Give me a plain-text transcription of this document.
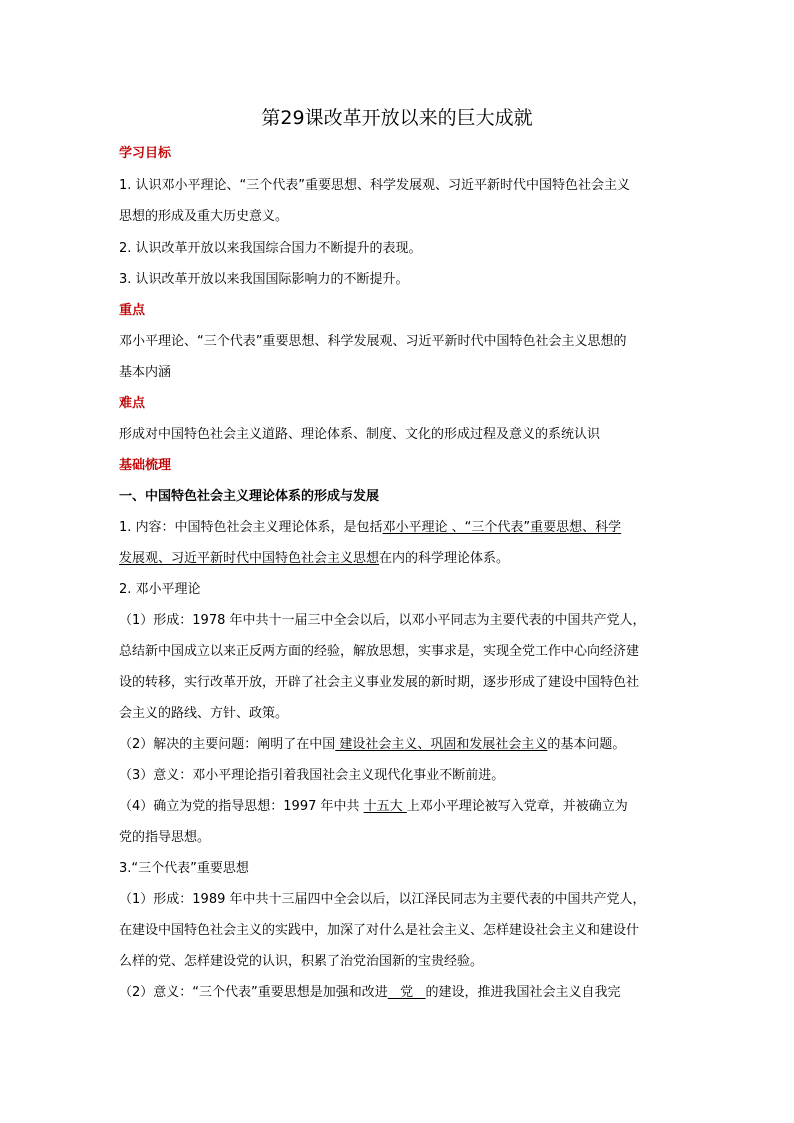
第29课改革开放以来的巨大成就
学习目标
1. 认识邓小平理论、“三个代表”重要思想、科学发展观、习近平新时代中国特色社会主义
思想的形成及重大历史意义。
2. 认识改革开放以来我国综合国力不断提升的表现。
3. 认识改革开放以来我国国际影响力的不断提升。
重点
邓小平理论、“三个代表”重要思想、科学发展观、习近平新时代中国特色社会主义思想的
基本内涵
难点
形成对中国特色社会主义道路、理论体系、制度、文化的形成过程及意义的系统认识
基础梳理
一、中国特色社会主义理论体系的形成与发展
1. 内容：中国特色社会主义理论体系，是包括邓小平理论 、“三个代表”重要思想、科学
发展观、习近平新时代中国特色社会主义思想在内的科学理论体系。
2. 邓小平理论
（1）形成：1978 年中共十一届三中全会以后，以邓小平同志为主要代表的中国共产党人，
总结新中国成立以来正反两方面的经验，解放思想，实事求是，实现全党工作中心向经济建
设的转移，实行改革开放，开辟了社会主义事业发展的新时期，逐步形成了建设中国特色社
会主义的路线、方针、政策。
（2）解决的主要问题：阐明了在中国 建设社会主义、巩固和发展社会主义的基本问题。
（3）意义：邓小平理论指引着我国社会主义现代化事业不断前进。
（4）确立为党的指导思想：1997 年中共 十五大 上邓小平理论被写入党章，并被确立为
党的指导思想。
3.“三个代表”重要思想
（1）形成：1989 年中共十三届四中全会以后，以江泽民同志为主要代表的中国共产党人，
在建设中国特色社会主义的实践中，加深了对什么是社会主义、怎样建设社会主义和建设什
么样的党、怎样建设党的认识，积累了治党治国新的宝贵经验。
（2）意义：“三个代表”重要思想是加强和改进   党   的建设，推进我国社会主义自我完
